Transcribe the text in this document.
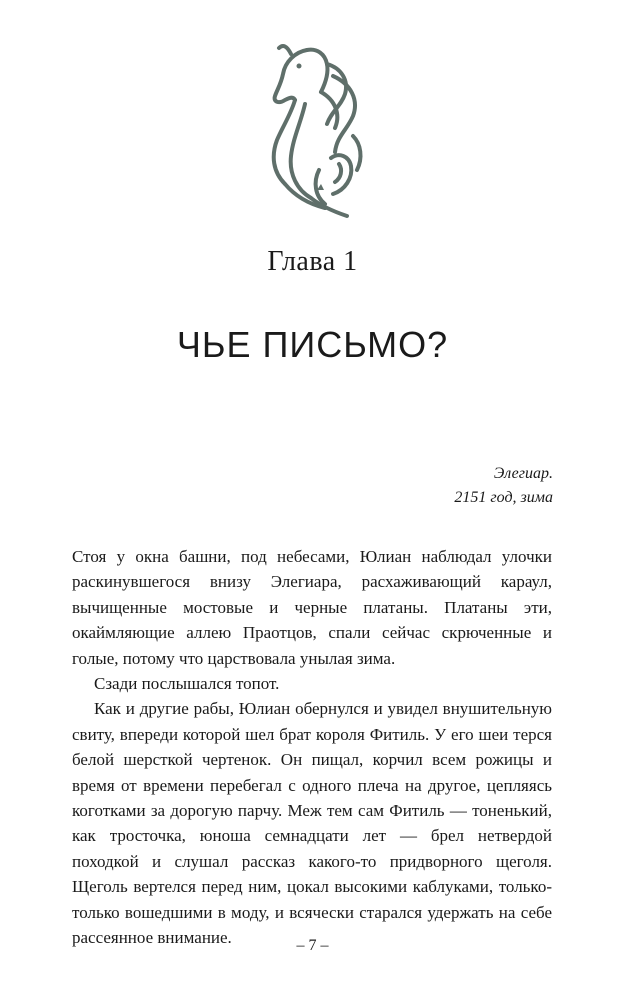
Глава 1
ЧЬЕ ПИСЬМО?
Элегиар.
2151 год, зима

Стоя у окна башни, под небесами, Юлиан наблюдал улочки раскинувшегося внизу Элегиара, расхаживающий караул, вычищенные мостовые и черные платаны. Платаны эти, окаймляющие аллею Праотцов, спали сейчас скрюченные и голые, потому что царствовала унылая зима.

Сзади послышался топот.

Как и другие рабы, Юлиан обернулся и увидел внушительную свиту, впереди которой шел брат короля Фитиль. У его шеи терся белой шерсткой чертенок. Он пищал, корчил всем рожицы и время от времени перебегал с одного плеча на другое, цепляясь коготками за дорогую парчу. Меж тем сам Фитиль — тоненький, как тросточка, юноша семнадцати лет — брел нетвердой походкой и слушал рассказ какого-то придворного щеголя. Щеголь вертелся перед ним, цокал высокими каблуками, только-только вошедшими в моду, и всячески старался удержать на себе рассеянное внимание.	– 7 –
